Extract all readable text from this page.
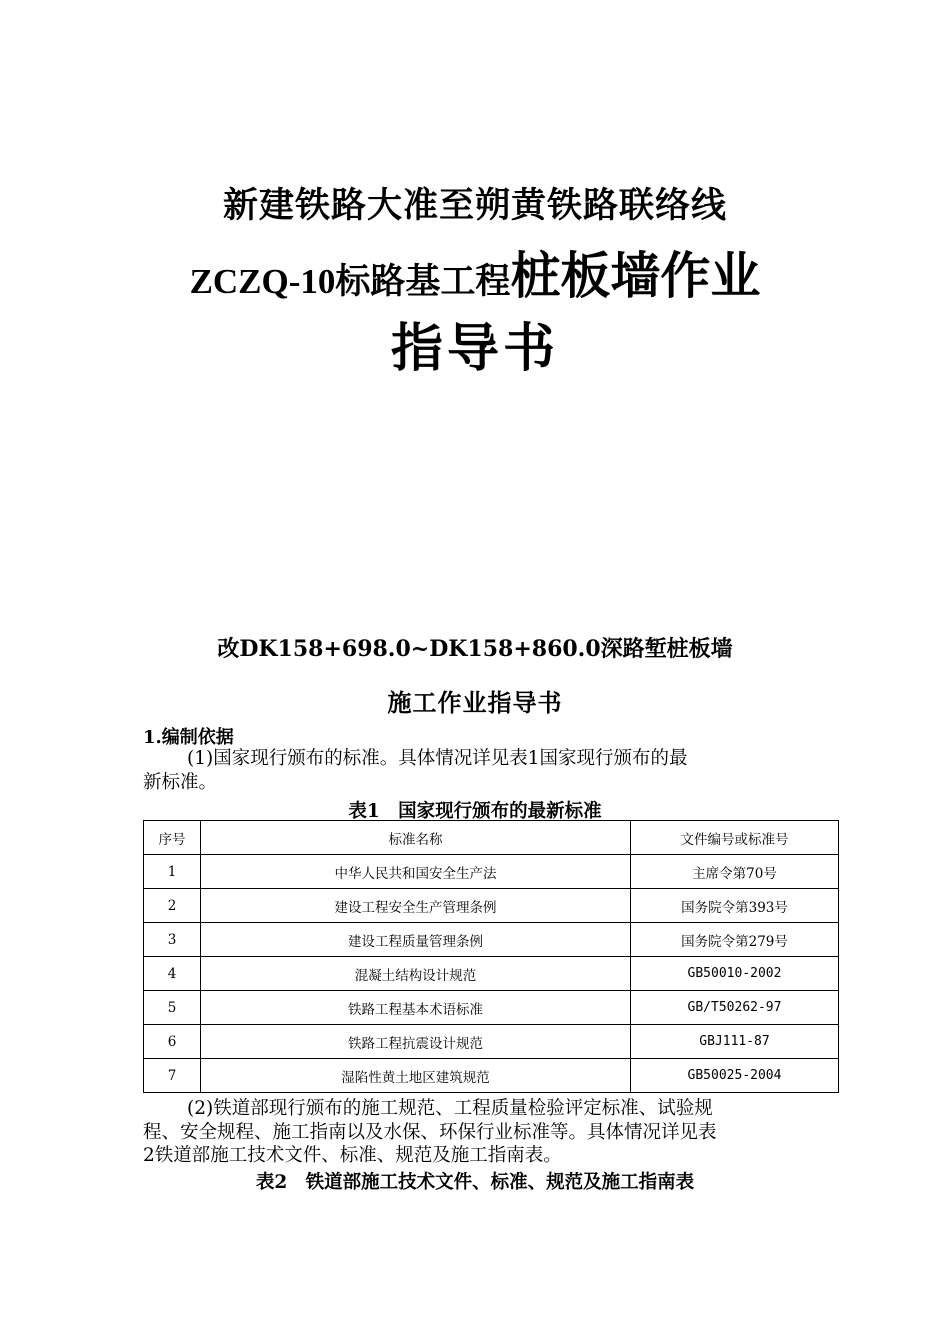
新建铁路大准至朔黄铁路联络线
ZCZQ-10标路基工程桩板墙作业
指导书
改DK158+698.0~DK158+860.0深路堑桩板墙
施工作业指导书
1.编制依据
(1)国家现行颁布的标准。具体情况详见表1国家现行颁布的最
新标准。
表1　国家现行颁布的最新标准
序号	标准名称	文件编号或标准号
1	中华人民共和国安全生产法	主席令第70号
2	建设工程安全生产管理条例	国务院令第393号
3	建设工程质量管理条例	国务院令第279号
4	混凝土结构设计规范	GB50010-2002
5	铁路工程基本术语标准	GB/T50262-97
6	铁路工程抗震设计规范	GBJ111-87
7	湿陷性黄土地区建筑规范	GB50025-2004
(2)铁道部现行颁布的施工规范、工程质量检验评定标准、试验规
程、安全规程、施工指南以及水保、环保行业标准等。具体情况详见表
2铁道部施工技术文件、标准、规范及施工指南表。
表2　铁道部施工技术文件、标准、规范及施工指南表
